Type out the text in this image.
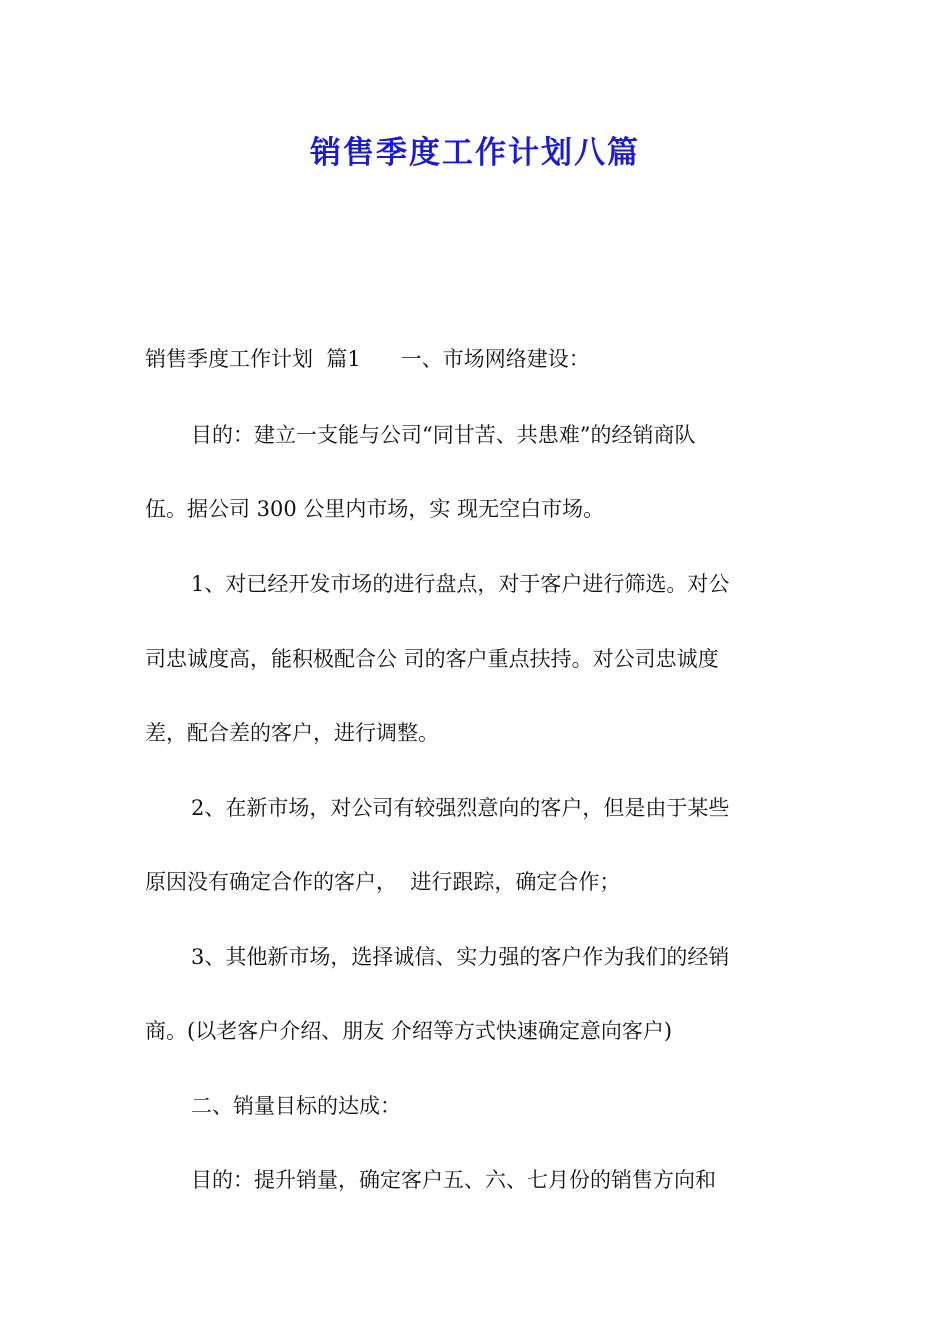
销售季度工作计划八篇

销售季度工作计划  篇1      一、市场网络建设：

目的：建立一支能与公司“同甘苦、共患难”的经销商队

伍。据公司 300 公里内市场，实 现无空白市场。

1、对已经开发市场的进行盘点，对于客户进行筛选。对公

司忠诚度高，能积极配合公 司的客户重点扶持。对公司忠诚度

差，配合差的客户，进行调整。

2、在新市场，对公司有较强烈意向的客户，但是由于某些

原因没有确定合作的客户，  进行跟踪，确定合作；

3、其他新市场，选择诚信、实力强的客户作为我们的经销

商。(以老客户介绍、朋友 介绍等方式快速确定意向客户)

二、销量目标的达成：

目的：提升销量，确定客户五、六、七月份的销售方向和
